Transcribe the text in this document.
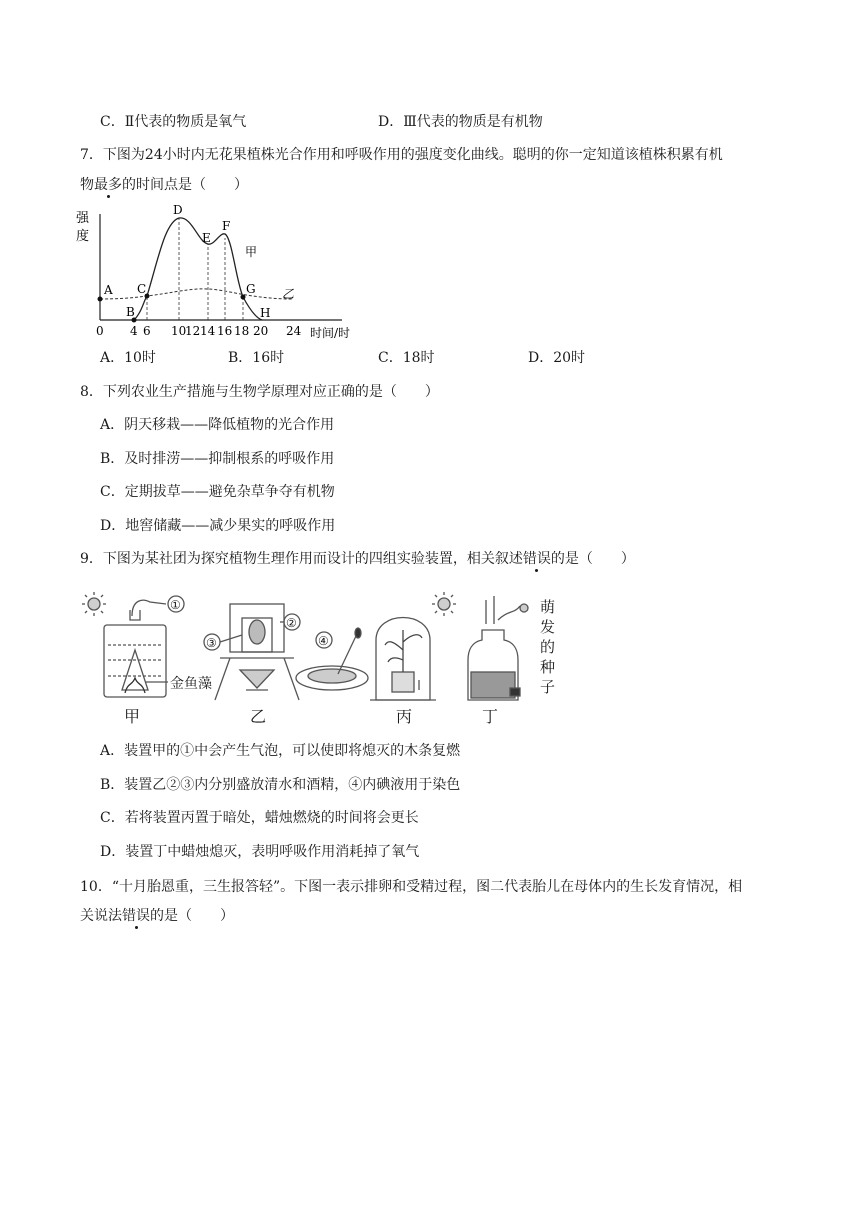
C．Ⅱ代表的物质是氧气	D．Ⅲ代表的物质是有机物
7．下图为24小时内无花果植株光合作用和呼吸作用的强度变化曲线。聪明的你一定知道该植株积累有机
物最多的时间点是（　　）
强
度
时间/时
A
B
C
D
E
F
G
H
甲
乙
0 4 6 10
12 14 16 18 20 24
A．10时	B．16时	C．18时	D．20时
8．下列农业生产措施与生物学原理对应正确的是（　　）
A．阴天移栽——降低植物的光合作用
B．及时排涝——抑制根系的呼吸作用
C．定期拔草——避免杂草争夺有机物
D．地窖储藏——减少果实的呼吸作用
9．下图为某社团为探究植物生理作用而设计的四组实验装置，相关叙述错误的是（　　）
①
②
③	④
金鱼藻
萌
发
的
种
子
甲	乙	丙	丁
A．装置甲的①中会产生气泡，可以使即将熄灭的木条复燃
B．装置乙②③内分别盛放清水和酒精，④内碘液用于染色
C．若将装置丙置于暗处，蜡烛燃烧的时间将会更长
D．装置丁中蜡烛熄灭，表明呼吸作用消耗掉了氧气
10．“十月胎恩重，三生报答轻”。下图一表示排卵和受精过程，图二代表胎儿在母体内的生长发育情况，相
关说法错误的是（　　）
